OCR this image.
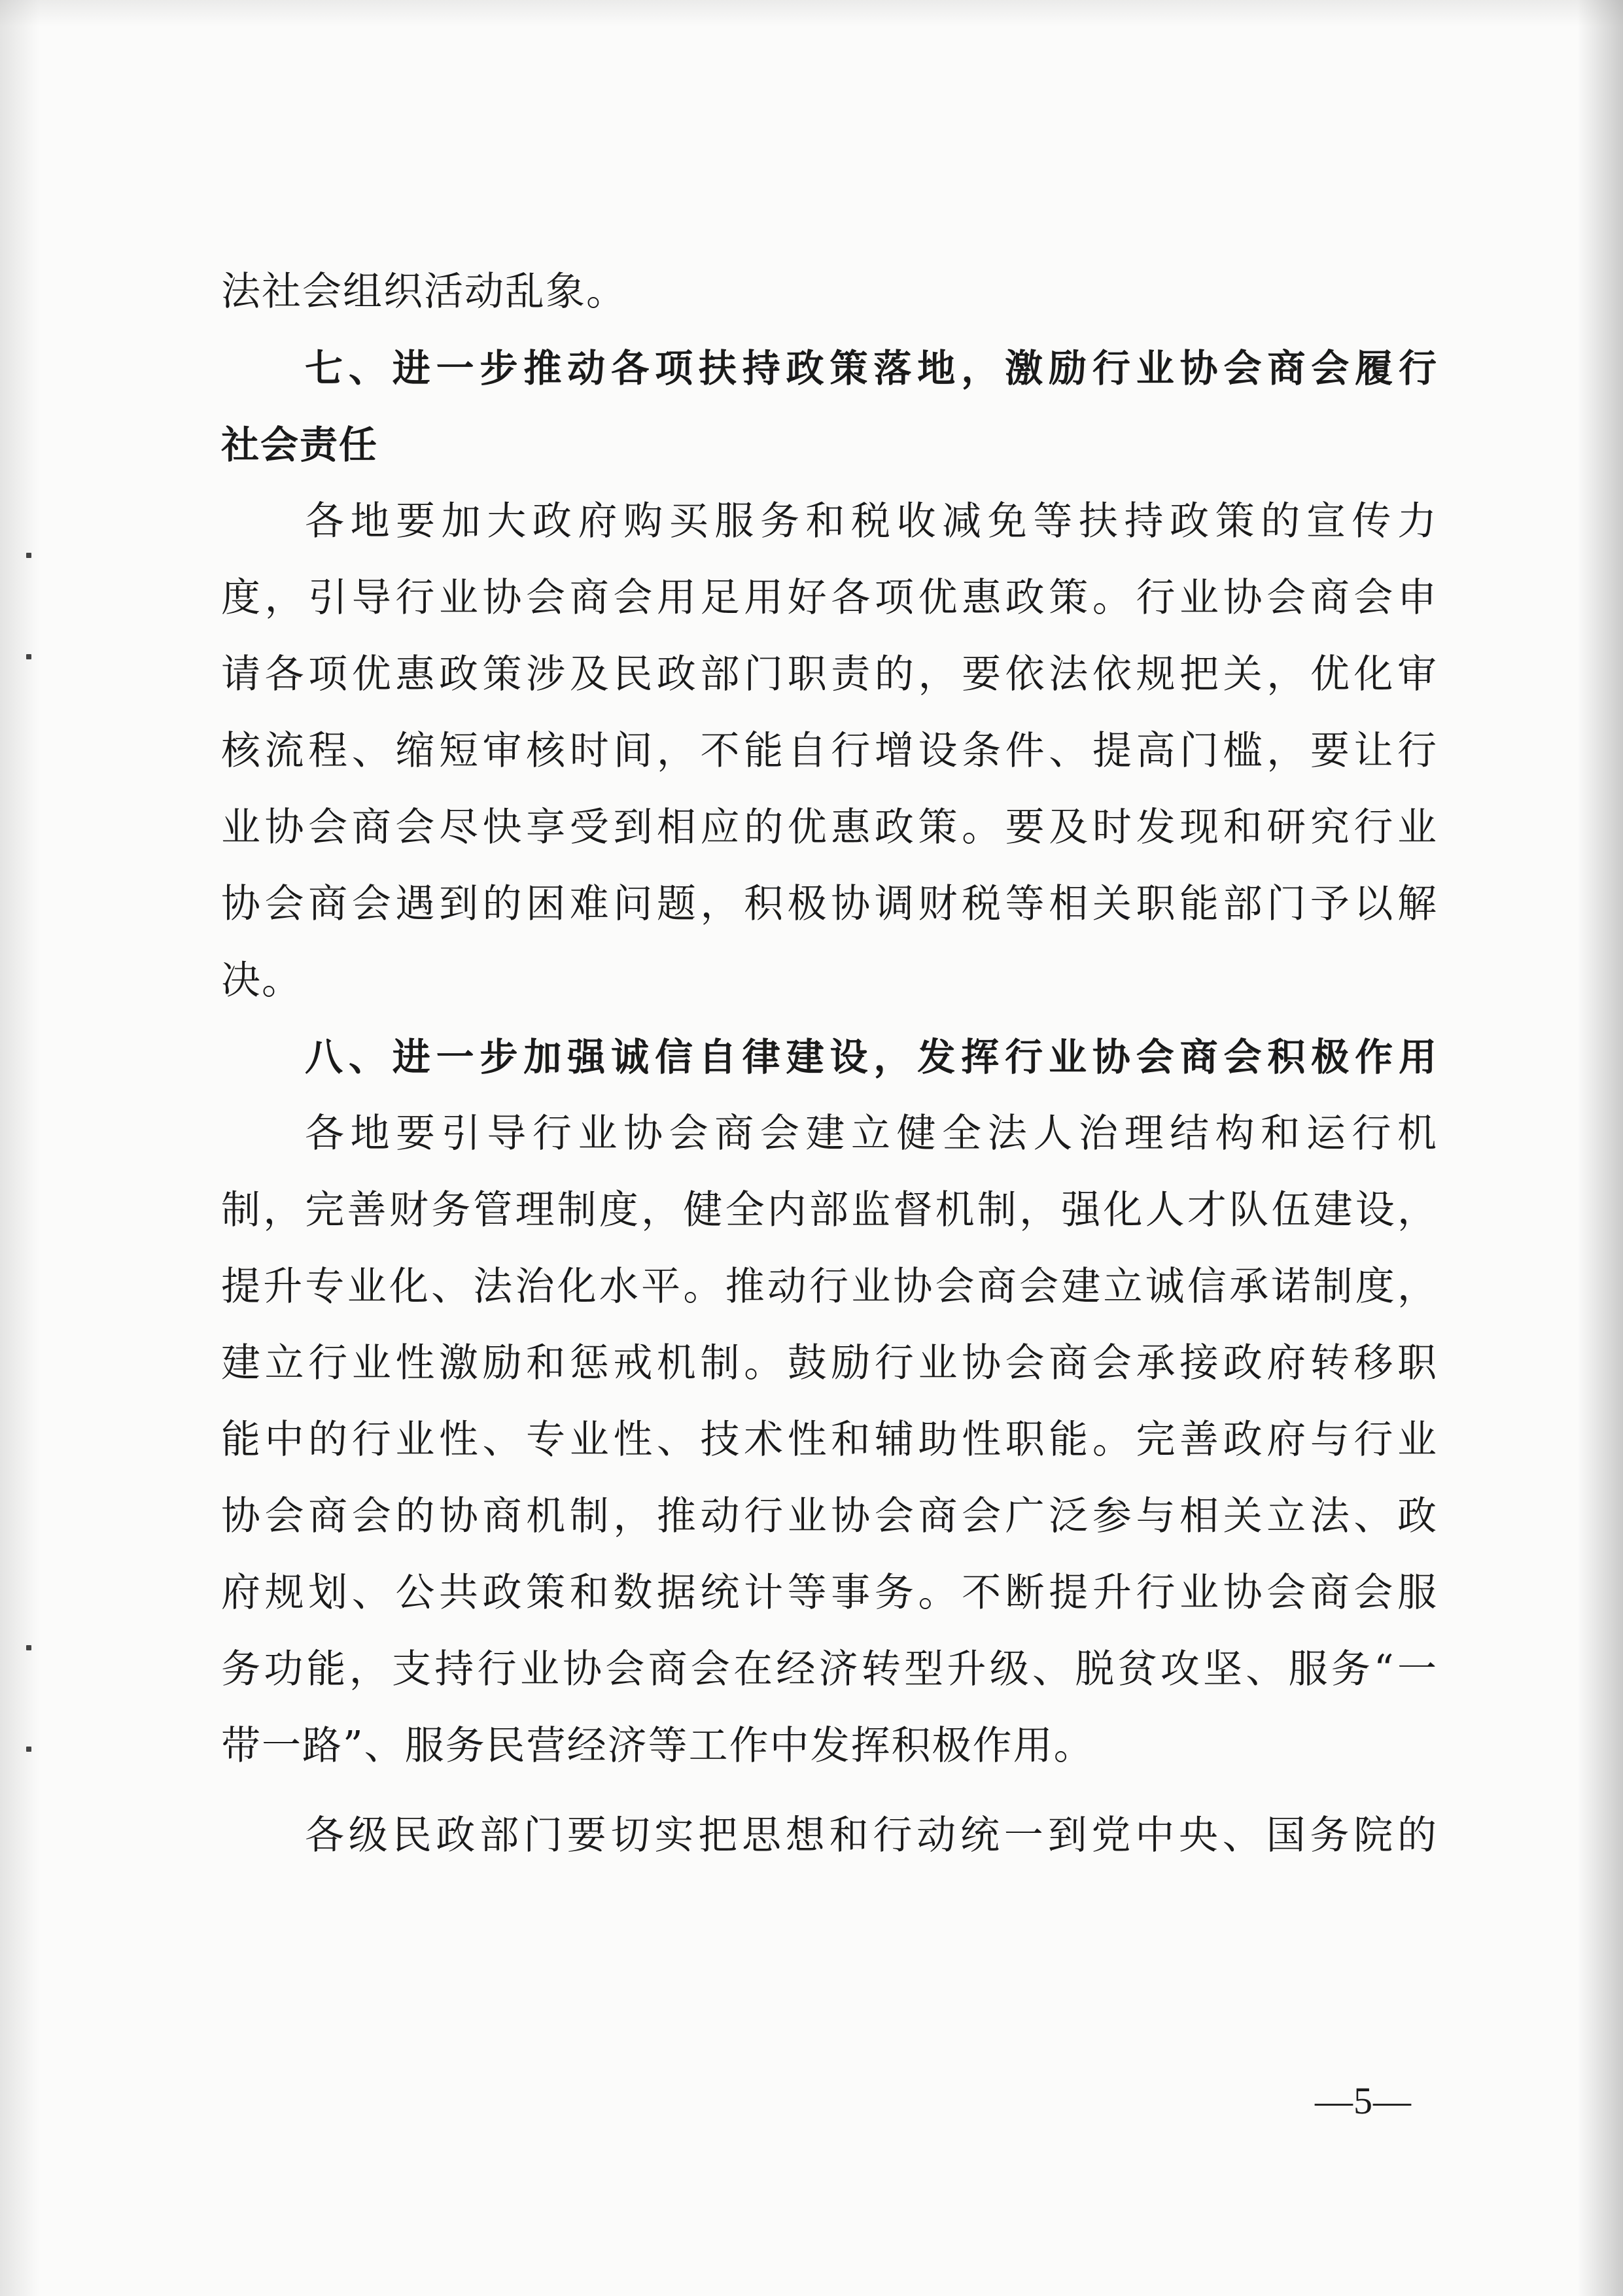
法社会组织活动乱象。
七、进一步推动各项扶持政策落地，激励行业协会商会履行
社会责任
各地要加大政府购买服务和税收减免等扶持政策的宣传力
度，引导行业协会商会用足用好各项优惠政策。行业协会商会申
请各项优惠政策涉及民政部门职责的，要依法依规把关，优化审
核流程、缩短审核时间，不能自行增设条件、提高门槛，要让行
业协会商会尽快享受到相应的优惠政策。要及时发现和研究行业
协会商会遇到的困难问题，积极协调财税等相关职能部门予以解
决。
八、进一步加强诚信自律建设，发挥行业协会商会积极作用
各地要引导行业协会商会建立健全法人治理结构和运行机
制，完善财务管理制度，健全内部监督机制，强化人才队伍建设，
提升专业化、法治化水平。推动行业协会商会建立诚信承诺制度，
建立行业性激励和惩戒机制。鼓励行业协会商会承接政府转移职
能中的行业性、专业性、技术性和辅助性职能。完善政府与行业
协会商会的协商机制，推动行业协会商会广泛参与相关立法、政
府规划、公共政策和数据统计等事务。不断提升行业协会商会服
务功能，支持行业协会商会在经济转型升级、脱贫攻坚、服务“一
带一路”、服务民营经济等工作中发挥积极作用。
各级民政部门要切实把思想和行动统一到党中央、国务院的
—5—
